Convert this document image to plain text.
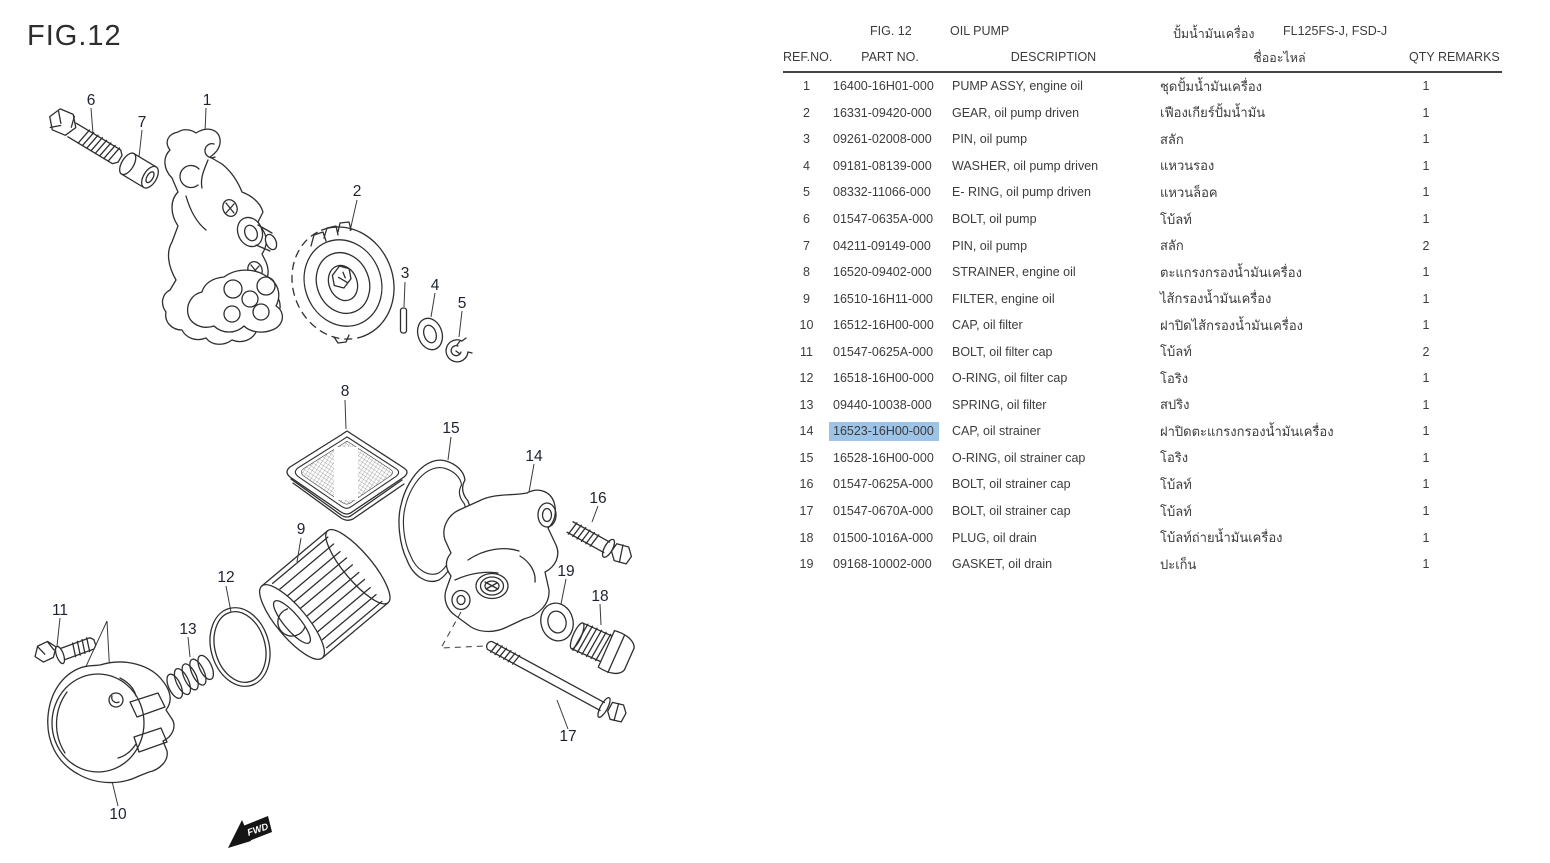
FIG.12
FWD
6
7
1
2
3
4
5
8
15
14
16
9
12
13
11
10
19
18
17
FIG. 12	OIL PUMP	ปั้มน้ำมันเครื่อง FL125FS-J, FSD-J
REF.NO.	PART NO.	DESCRIPTION	ชื่ออะไหล่	QTY REMARKS
1	16400-16H01-000	PUMP ASSY, engine oil	ชุดปั้มน้ำมันเครื่อง	1
2	16331-09420-000	GEAR, oil pump driven	เฟืองเกียร์ปั้มน้ำมัน	1
3	09261-02008-000	PIN, oil pump	สลัก	1
4	09181-08139-000	WASHER, oil pump driven	แหวนรอง	1
5	08332-11066-000	E- RING, oil pump driven	แหวนล็อค	1
6	01547-0635A-000	BOLT, oil pump	โบ้ลท์	1
7	04211-09149-000	PIN, oil pump	สลัก	2
8	16520-09402-000	STRAINER, engine oil	ตะแกรงกรองน้ำมันเครื่อง	1
9	16510-16H11-000	FILTER, engine oil	ไส้กรองน้ำมันเครื่อง	1
10	16512-16H00-000	CAP, oil filter	ฝาปิดไส้กรองน้ำมันเครื่อง	1
11	01547-0625A-000	BOLT, oil filter cap	โบ้ลท์	2
12	16518-16H00-000	O-RING, oil filter cap	โอริง	1
13	09440-10038-000	SPRING, oil filter	สปริง	1
14	16523-16H00-000	CAP, oil strainer	ฝาปิดตะแกรงกรองน้ำมันเครื่อง	1
15	16528-16H00-000	O-RING, oil strainer cap	โอริง	1
16	01547-0625A-000	BOLT, oil strainer cap	โบ้ลท์	1
17	01547-0670A-000	BOLT, oil strainer cap	โบ้ลท์	1
18	01500-1016A-000	PLUG, oil drain	โบ้ลท์ถ่ายน้ำมันเครื่อง	1
19	09168-10002-000	GASKET, oil drain	ปะเก็น	1
